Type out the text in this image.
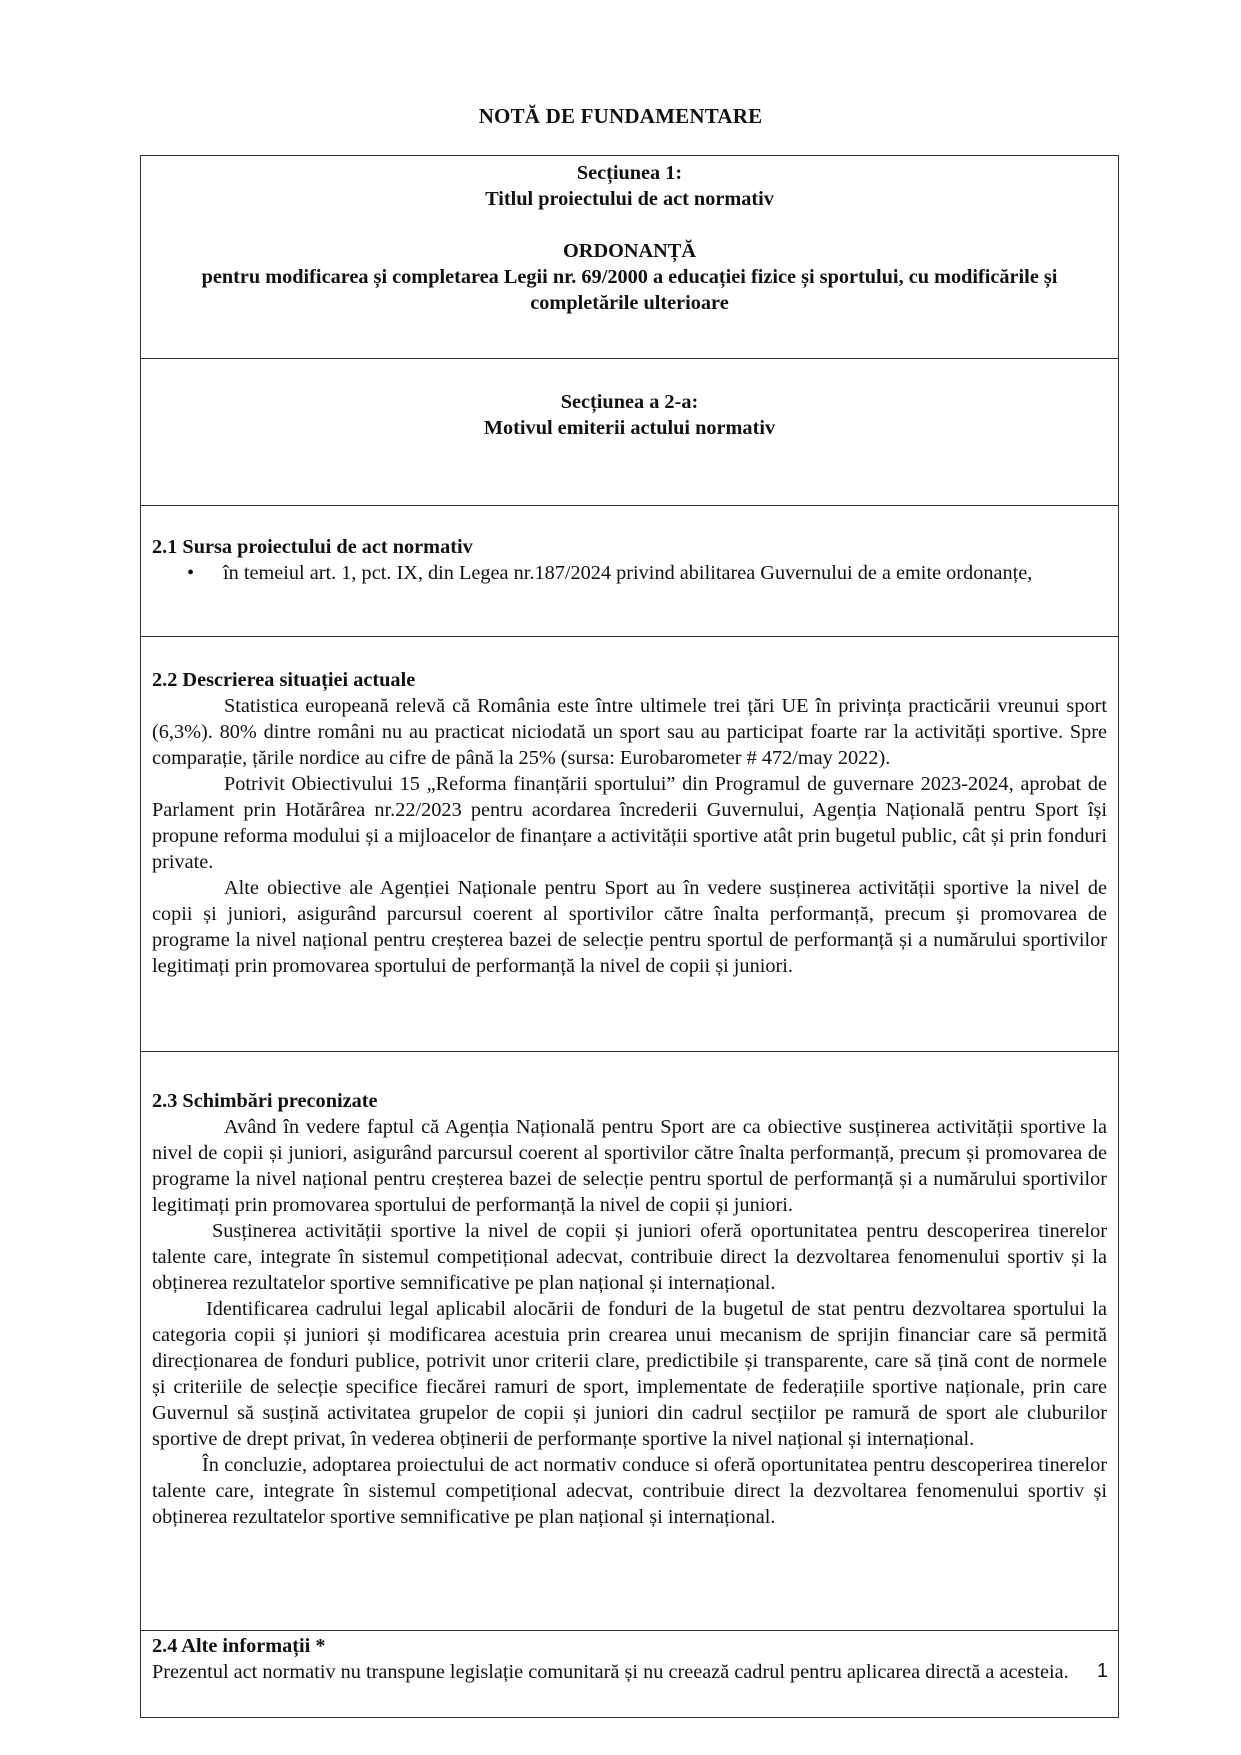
NOTĂ DE FUNDAMENTARE
Secțiunea 1:
Titlul proiectului de act normativ
ORDONANȚĂ
pentru modificarea și completarea Legii nr. 69/2000 a educației fizice și sportului, cu modificările și completările ulterioare

Secțiunea a 2-a:
Motivul emiterii actului normativ

2.1 Sursa proiectului de act normativ
• în temeiul art. 1, pct. IX, din Legea nr.187/2024 privind abilitarea Guvernului de a emite ordonanțe,

2.2 Descrierea situației actuale

Statistica europeană relevă că România este între ultimele trei țări UE în privința practicării vreunui sport (6,3%). 80% dintre români nu au practicat niciodată un sport sau au participat foarte rar la activități sportive. Spre comparație, țările nordice au cifre de până la 25% (sursa: Eurobarometer # 472/may 2022).

Potrivit Obiectivului 15 „Reforma finanțării sportului” din Programul de guvernare 2023-2024, aprobat de Parlament prin Hotărârea nr.22/2023 pentru acordarea încrederii Guvernului, Agenția Națională pentru Sport își propune reforma modului și a mijloacelor de finanțare a activității sportive atât prin bugetul public, cât și prin fonduri private.

Alte obiective ale Agenției Naționale pentru Sport au în vedere susținerea activității sportive la nivel de copii și juniori, asigurând parcursul coerent al sportivilor către înalta performanță, precum și promovarea de programe la nivel național pentru creșterea bazei de selecție pentru sportul de performanță și a numărului sportivilor legitimați prin promovarea sportului de performanță la nivel de copii și juniori.

2.3 Schimbări preconizate

Având în vedere faptul că Agenția Națională pentru Sport are ca obiective susținerea activității sportive la nivel de copii și juniori, asigurând parcursul coerent al sportivilor către înalta performanță, precum și promovarea de programe la nivel național pentru creșterea bazei de selecție pentru sportul de performanță și a numărului sportivilor legitimați prin promovarea sportului de performanță la nivel de copii și juniori.

Susținerea activității sportive la nivel de copii și juniori oferă oportunitatea pentru descoperirea tinerelor talente care, integrate în sistemul competițional adecvat, contribuie direct la dezvoltarea fenomenului sportiv și la obținerea rezultatelor sportive semnificative pe plan național și internațional.

Identificarea cadrului legal aplicabil alocării de fonduri de la bugetul de stat pentru dezvoltarea sportului la categoria copii și juniori și modificarea acestuia prin crearea unui mecanism de sprijin financiar care să permită direcționarea de fonduri publice, potrivit unor criterii clare, predictibile și transparente, care să țină cont de normele și criteriile de selecție specifice fiecărei ramuri de sport, implementate de federațiile sportive naționale, prin care Guvernul să susțină activitatea grupelor de copii și juniori din cadrul secțiilor pe ramură de sport ale cluburilor sportive de drept privat, în vederea obținerii de performanțe sportive la nivel național și internațional.

În concluzie, adoptarea proiectului de act normativ conduce si oferă oportunitatea pentru descoperirea tinerelor talente care, integrate în sistemul competițional adecvat, contribuie direct la dezvoltarea fenomenului sportiv și obținerea rezultatelor sportive semnificative pe plan național și internațional.

2.4 Alte informații *

Prezentul act normativ nu transpune legislație comunitară și nu creează cadrul pentru aplicarea directă a acesteia.	1
